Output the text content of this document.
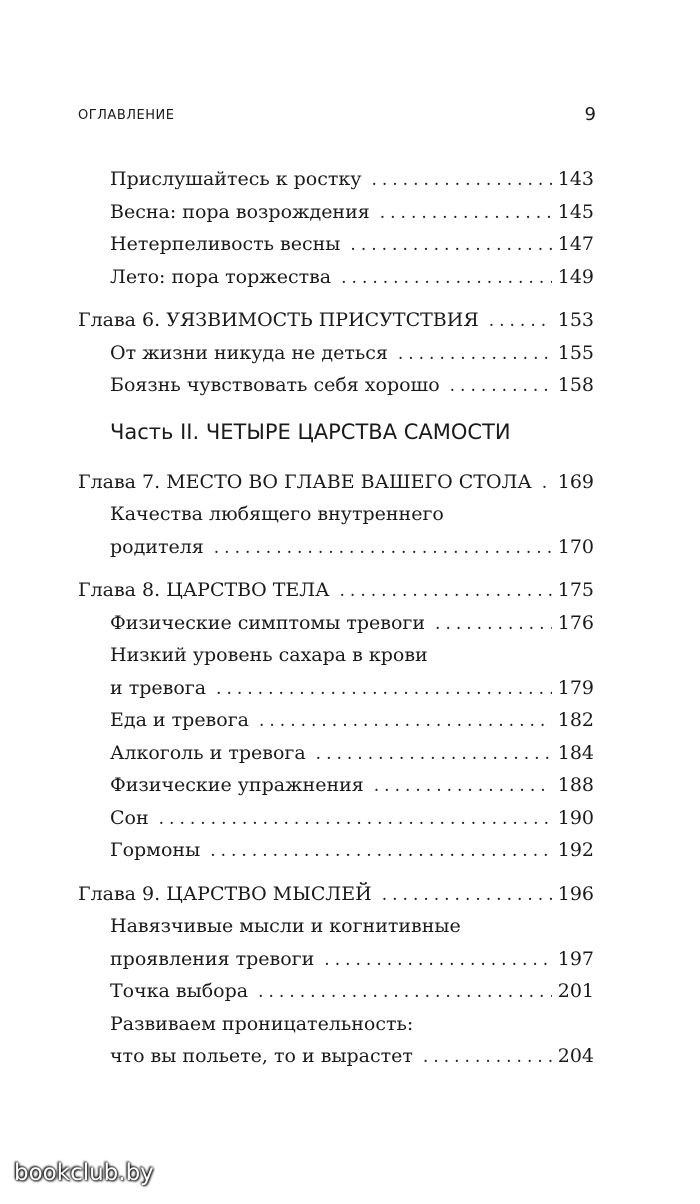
ОГЛАВЛЕНИЕ	9
Прислушайтесь к ростку .....	143
Весна: пора возрождения .....	145
Нетерпеливость весны .....	147
Лето: пора торжества .....	149
Глава 6. УЯЗВИМОСТЬ ПРИСУТСТВИЯ .....	153
От жизни никуда не деться .....	155
Боязнь чувствовать себя хорошо .....	158
Часть II. ЧЕТЫРЕ ЦАРСТВА САМОСТИ
Глава 7. МЕСТО ВО ГЛАВЕ ВАШЕГО СТОЛА ..... 169
Качества любящего внутреннего
родителя .....	170
Глава 8. ЦАРСТВО ТЕЛА .....	175
Физические симптомы тревоги .....	176
Низкий уровень сахара в крови
и тревога .....	179
Еда и тревога .....	182
Алкоголь и тревога .....	184
Физические упражнения .....	188
Сон .....	190
Гормоны .....	192
Глава 9. ЦАРСТВО МЫСЛЕЙ .....	196
Навязчивые мысли и когнитивные
проявления тревоги .....	197
Точка выбора .....	201
Развиваем проницательность:
что вы польете, то и вырастет .....	204
bookclub.by
